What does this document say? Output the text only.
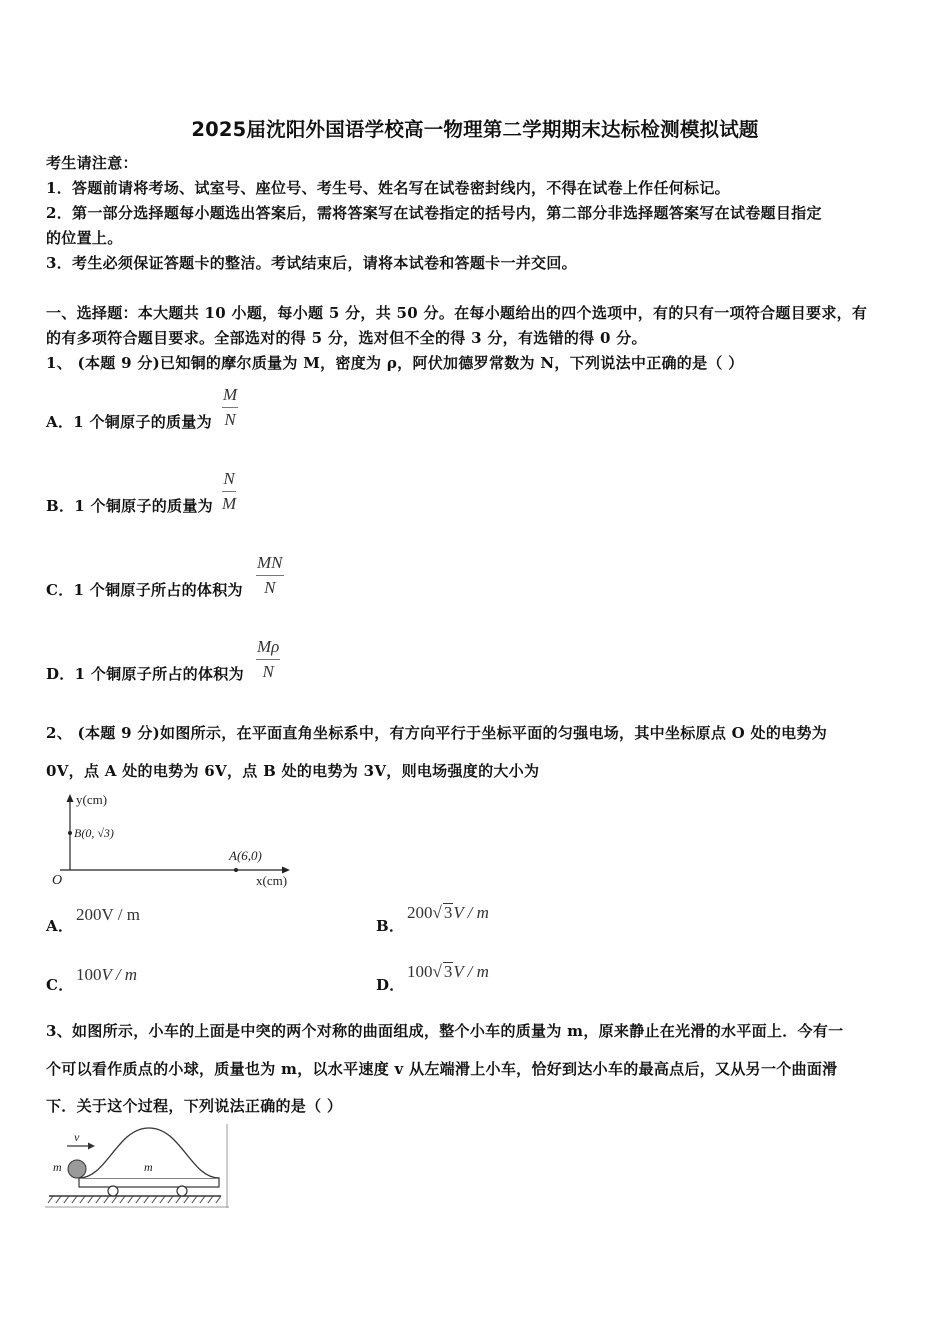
2025届沈阳外国语学校高一物理第二学期期末达标检测模拟试题
考生请注意：
1．答题前请将考场、试室号、座位号、考生号、姓名写在试卷密封线内，不得在试卷上作任何标记。
2．第一部分选择题每小题选出答案后，需将答案写在试卷指定的括号内，第二部分非选择题答案写在试卷题目指定
的位置上。
3．考生必须保证答题卡的整洁。考试结束后，请将本试卷和答题卡一并交回。
一、选择题：本大题共 10 小题，每小题 5 分，共 50 分。在每小题给出的四个选项中，有的只有一项符合题目要求，有
的有多项符合题目要求。全部选对的得 5 分，选对但不全的得 3 分，有选错的得 0 分。
1、 (本题 9 分)已知铜的摩尔质量为 M，密度为 ρ，阿伏加德罗常数为 N，下列说法中正确的是（ ）
A．1 个铜原子的质量为 $\frac{M}{N}$
B．1 个铜原子的质量为 $\frac{N}{M}$
C．1 个铜原子所占的体积为 $\frac{MN}{N}$
D．1 个铜原子所占的体积为 $\frac{M\rho}{N}$
2、 (本题 9 分)如图所示，在平面直角坐标系中，有方向平行于坐标平面的匀强电场，其中坐标原点 O 处的电势为
0V，点 A 处的电势为 6V，点 B 处的电势为 3V，则电场强度的大小为
y(cm)
x(cm)
O
B(0, √3)
A(6,0)
A．
200V / m
B．
200√ 3V / m
C．
100V / m
D．
100√ 3V / m
3、如图所示，小车的上面是中突的两个对称的曲面组成，整个小车的质量为 m，原来静止在光滑的水平面上．今有一
个可以看作质点的小球，质量也为 m，以水平速度 v 从左端滑上小车，恰好到达小车的最高点后，又从另一个曲面滑
下．关于这个过程，下列说法正确的是（ ）
v
m	m
